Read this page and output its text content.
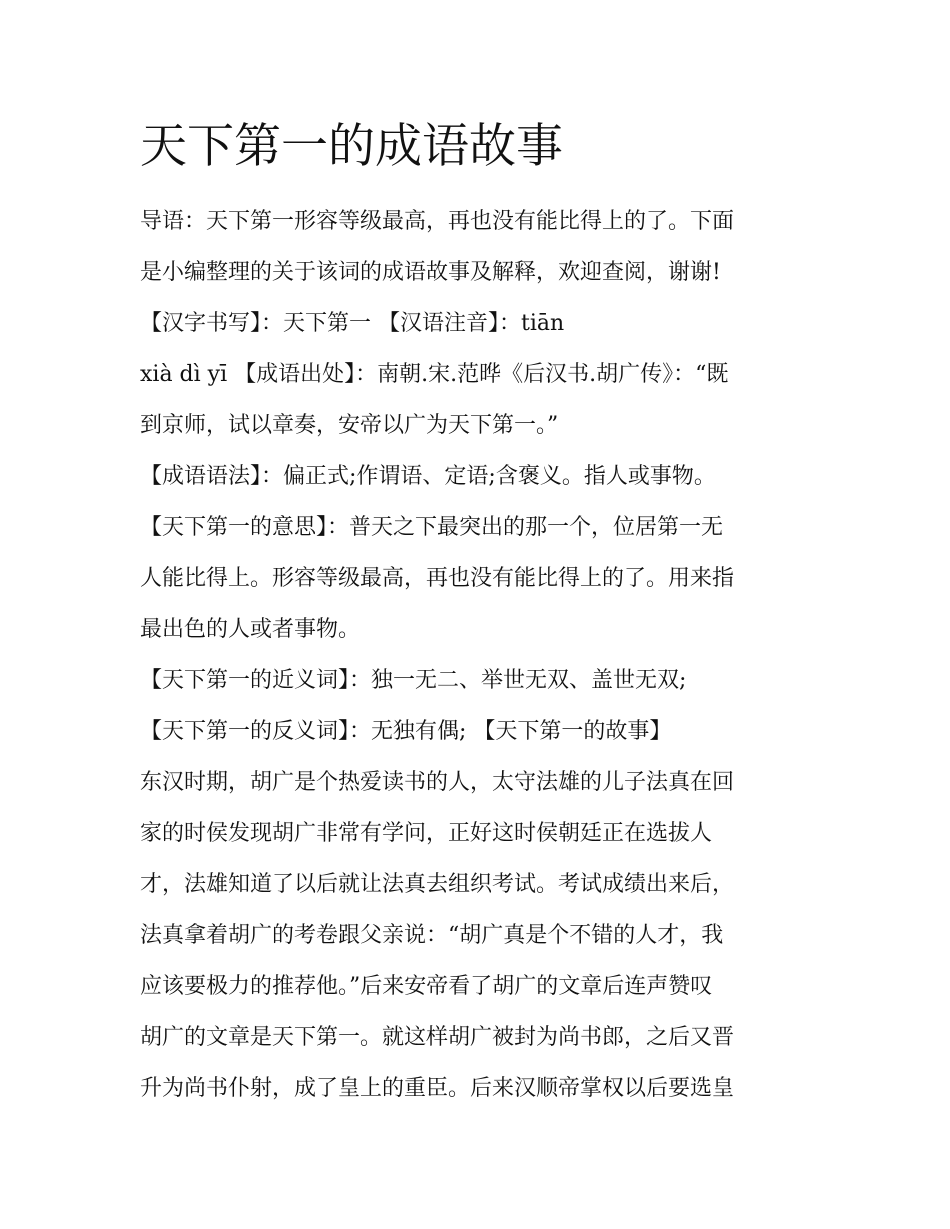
天下第一的成语故事
导语：天下第一形容等级最高，再也没有能比得上的了。下面
是小编整理的关于该词的成语故事及解释，欢迎查阅，谢谢!
【汉字书写】：天下第一 【汉语注音】：tiān
xià dì yī 【成语出处】：南朝.宋.范晔《后汉书.胡广传》：“既
到京师，试以章奏，安帝以广为天下第一。”
【成语语法】：偏正式;作谓语、定语;含褒义。指人或事物。
【天下第一的意思】：普天之下最突出的那一个，位居第一无
人能比得上。形容等级最高，再也没有能比得上的了。用来指
最出色的人或者事物。
【天下第一的近义词】：独一无二、举世无双、盖世无双;
【天下第一的反义词】：无独有偶; 【天下第一的故事】
东汉时期，胡广是个热爱读书的人，太守法雄的儿子法真在回
家的时侯发现胡广非常有学问，正好这时侯朝廷正在选拔人
才，法雄知道了以后就让法真去组织考试。考试成绩出来后，
法真拿着胡广的考卷跟父亲说：“胡广真是个不错的人才，我
应该要极力的推荐他。”后来安帝看了胡广的文章后连声赞叹
胡广的文章是天下第一。就这样胡广被封为尚书郎，之后又晋
升为尚书仆射，成了皇上的重臣。后来汉顺帝掌权以后要选皇
